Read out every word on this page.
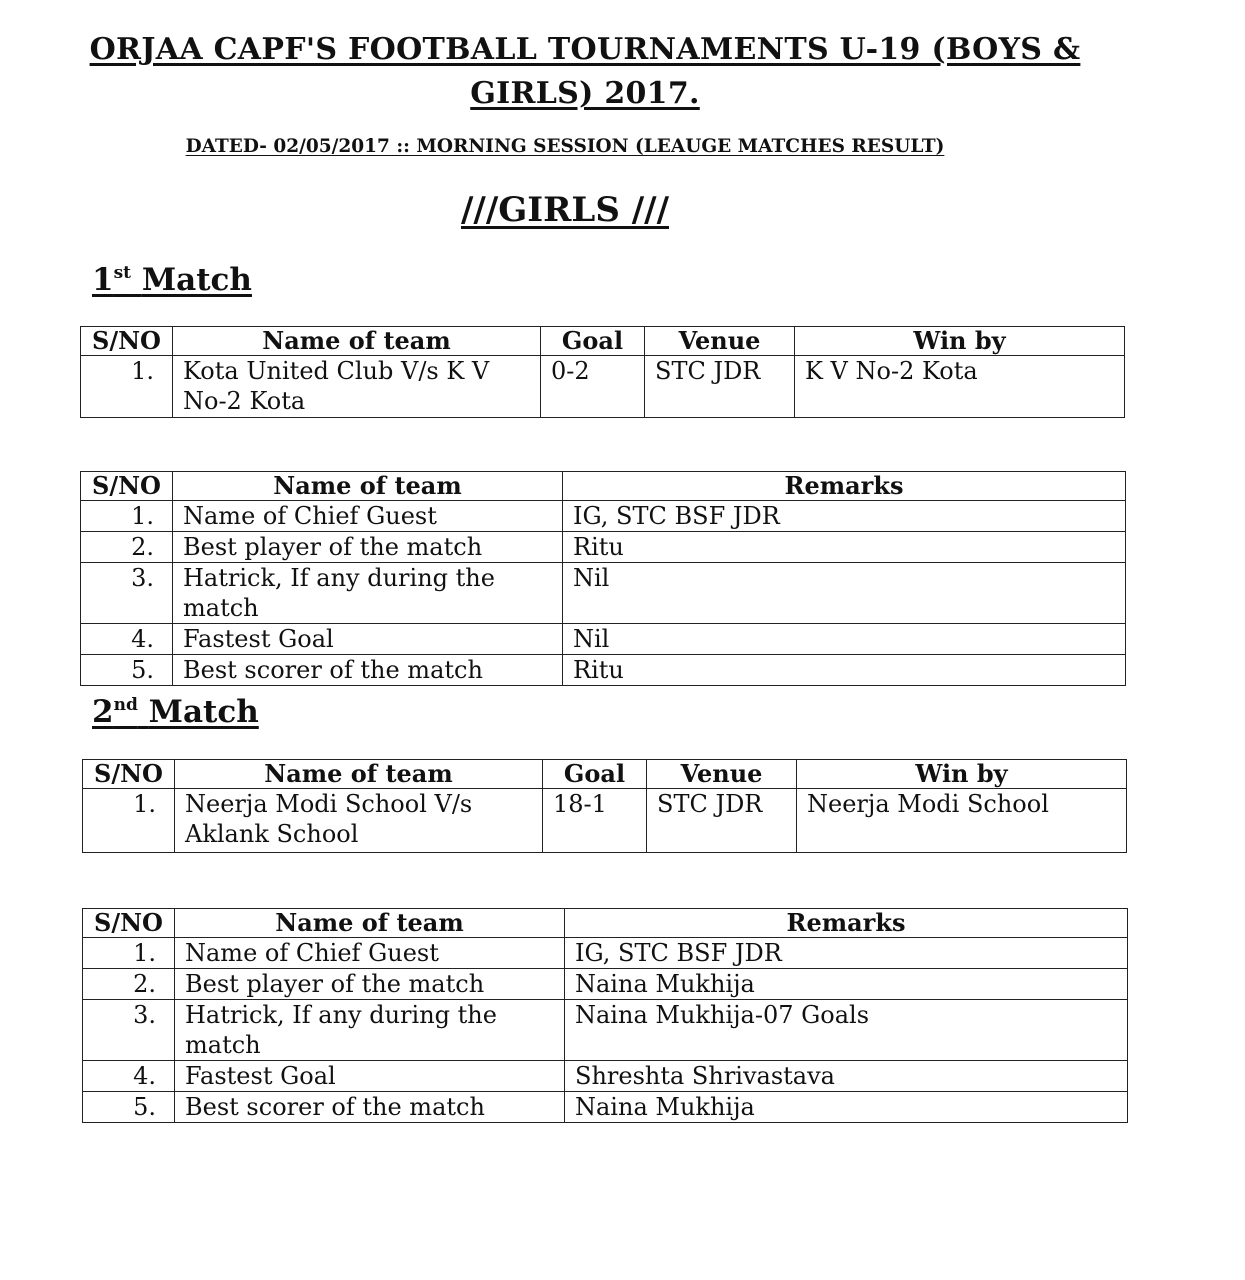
ORJAA CAPF'S FOOTBALL TOURNAMENTS U-19 (BOYS &
GIRLS) 2017.
DATED- 02/05/2017 :: MORNING SESSION (LEAUGE MATCHES RESULT)
///GIRLS ///
1st Match
S/NO	Name of team	Goal	Venue	Win by
1.	Kota United Club V/s K V No-2 Kota	0-2	STC JDR	K V No-2 Kota
S/NO	Name of team	Remarks
1.	Name of Chief Guest	IG, STC BSF JDR
2.	Best player of the match	Ritu
3.	Hatrick, If any during the match	Nil
4.	Fastest Goal	Nil
5.	Best scorer of the match	Ritu
2nd Match
S/NO	Name of team	Goal	Venue	Win by
1.	Neerja Modi School V/s Aklank School	18-1	STC JDR	Neerja Modi School
S/NO	Name of team	Remarks
1.	Name of Chief Guest	IG, STC BSF JDR
2.	Best player of the match	Naina Mukhija
3.	Hatrick, If any during the match	Naina Mukhija-07 Goals
4.	Fastest Goal	Shreshta Shrivastava
5.	Best scorer of the match	Naina Mukhija
